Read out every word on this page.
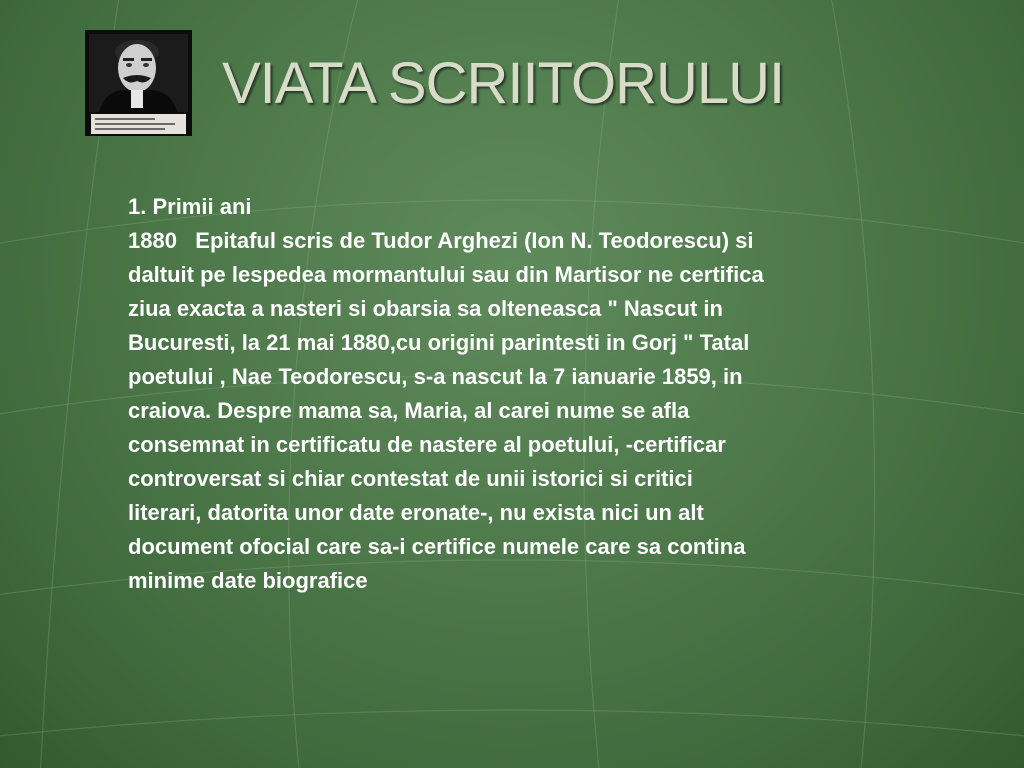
VIATA SCRIITORULUI
1. Primii ani
1880   Epitaful scris de Tudor Arghezi (Ion N. Teodorescu) si
daltuit pe lespedea mormantului sau din Martisor ne certifica
ziua exacta a nasteri si obarsia sa olteneasca " Nascut in
Bucuresti, la 21 mai 1880,cu origini parintesti in Gorj " Tatal
poetului , Nae Teodorescu, s-a nascut la 7 ianuarie 1859, in
craiova. Despre mama sa, Maria, al carei nume se afla
consemnat in certificatu de nastere al poetului, -certificar
controversat si chiar contestat de unii istorici si critici
literari, datorita unor date eronate-, nu exista nici un alt
document ofocial care sa-i certifice numele care sa contina
minime date biografice
